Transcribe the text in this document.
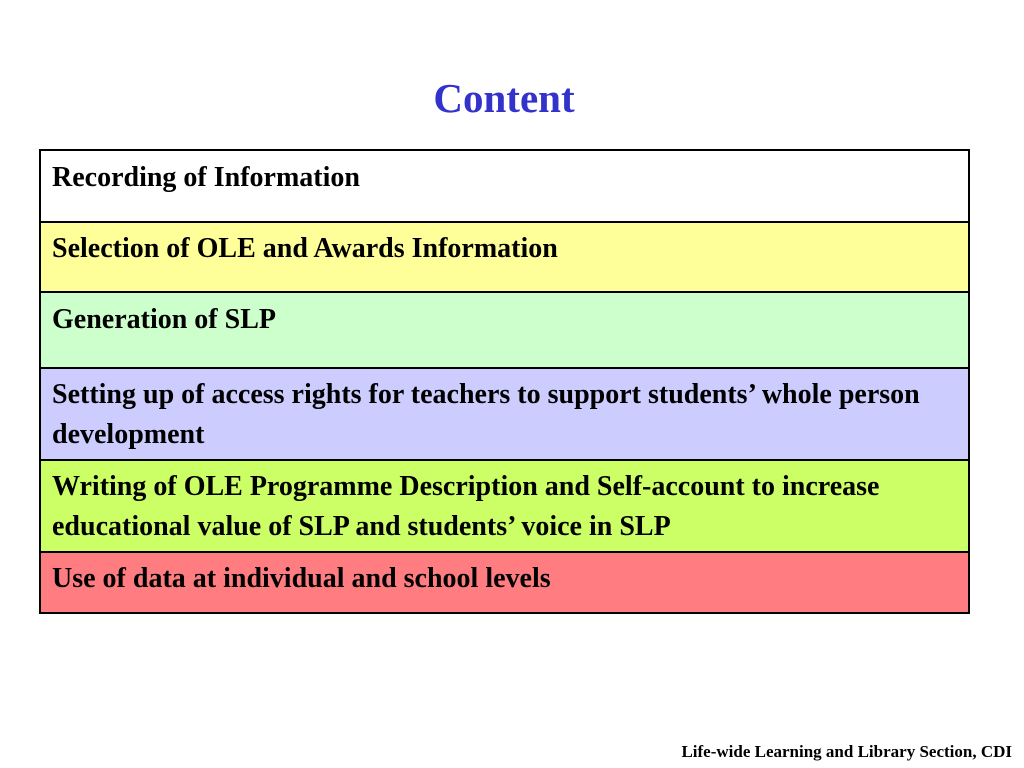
Content
Recording of Information
Selection of OLE and Awards Information
Generation of SLP
Setting up of access rights for teachers to support students’ whole person development
Writing of OLE Programme Description and Self-account to increase educational value of SLP and students’ voice in SLP
Use of data at individual and school levels
Life-wide Learning and Library Section, CDI
